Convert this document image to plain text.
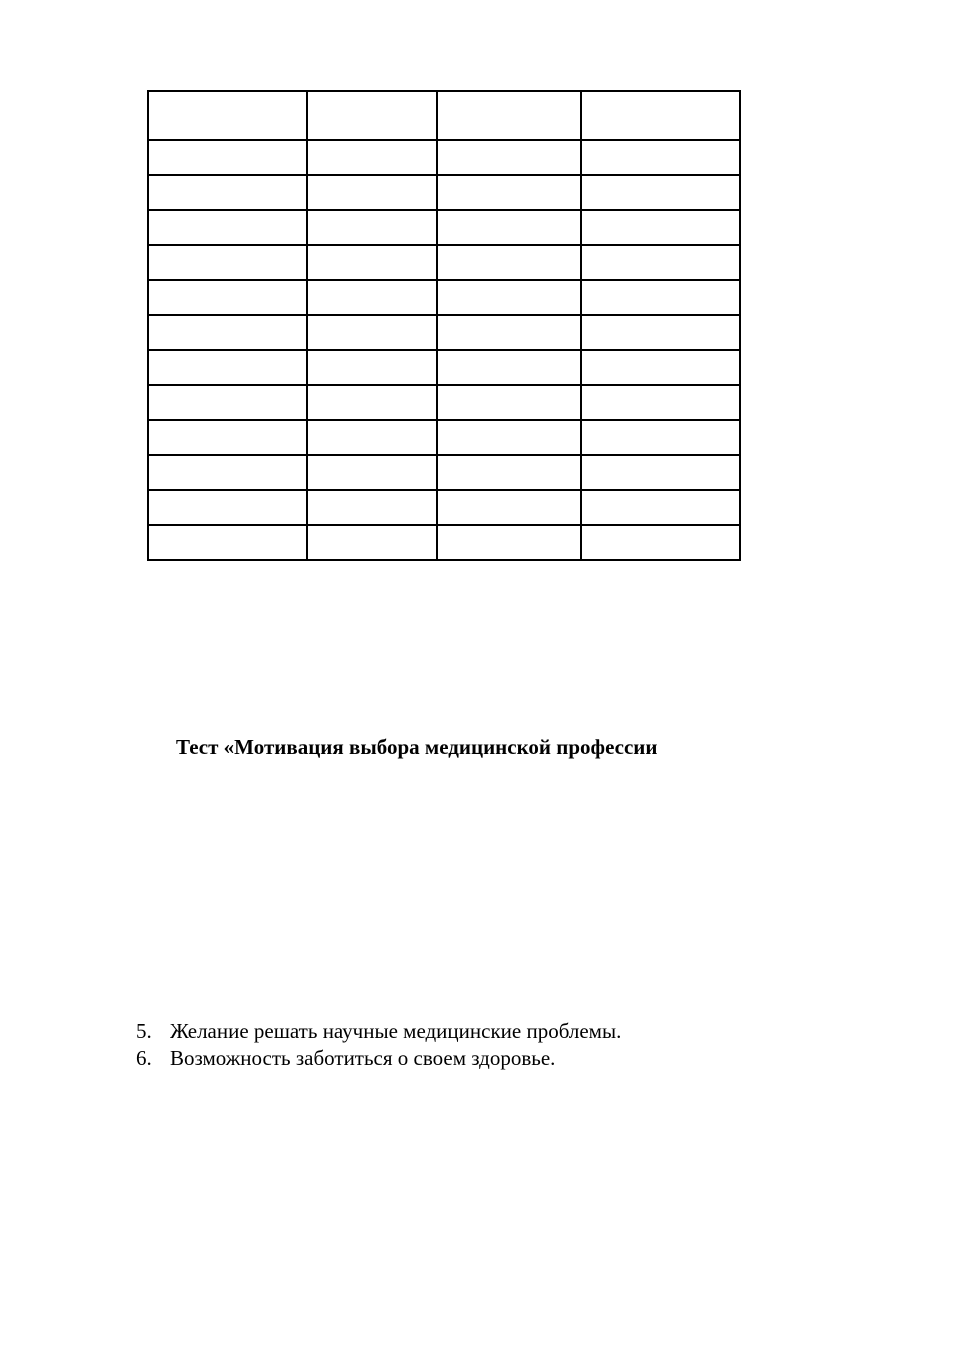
Тест «Мотивация выбора медицинской профессии
5. Желание решать научные медицинские проблемы.
6. Возможность заботиться о своем здоровье.
